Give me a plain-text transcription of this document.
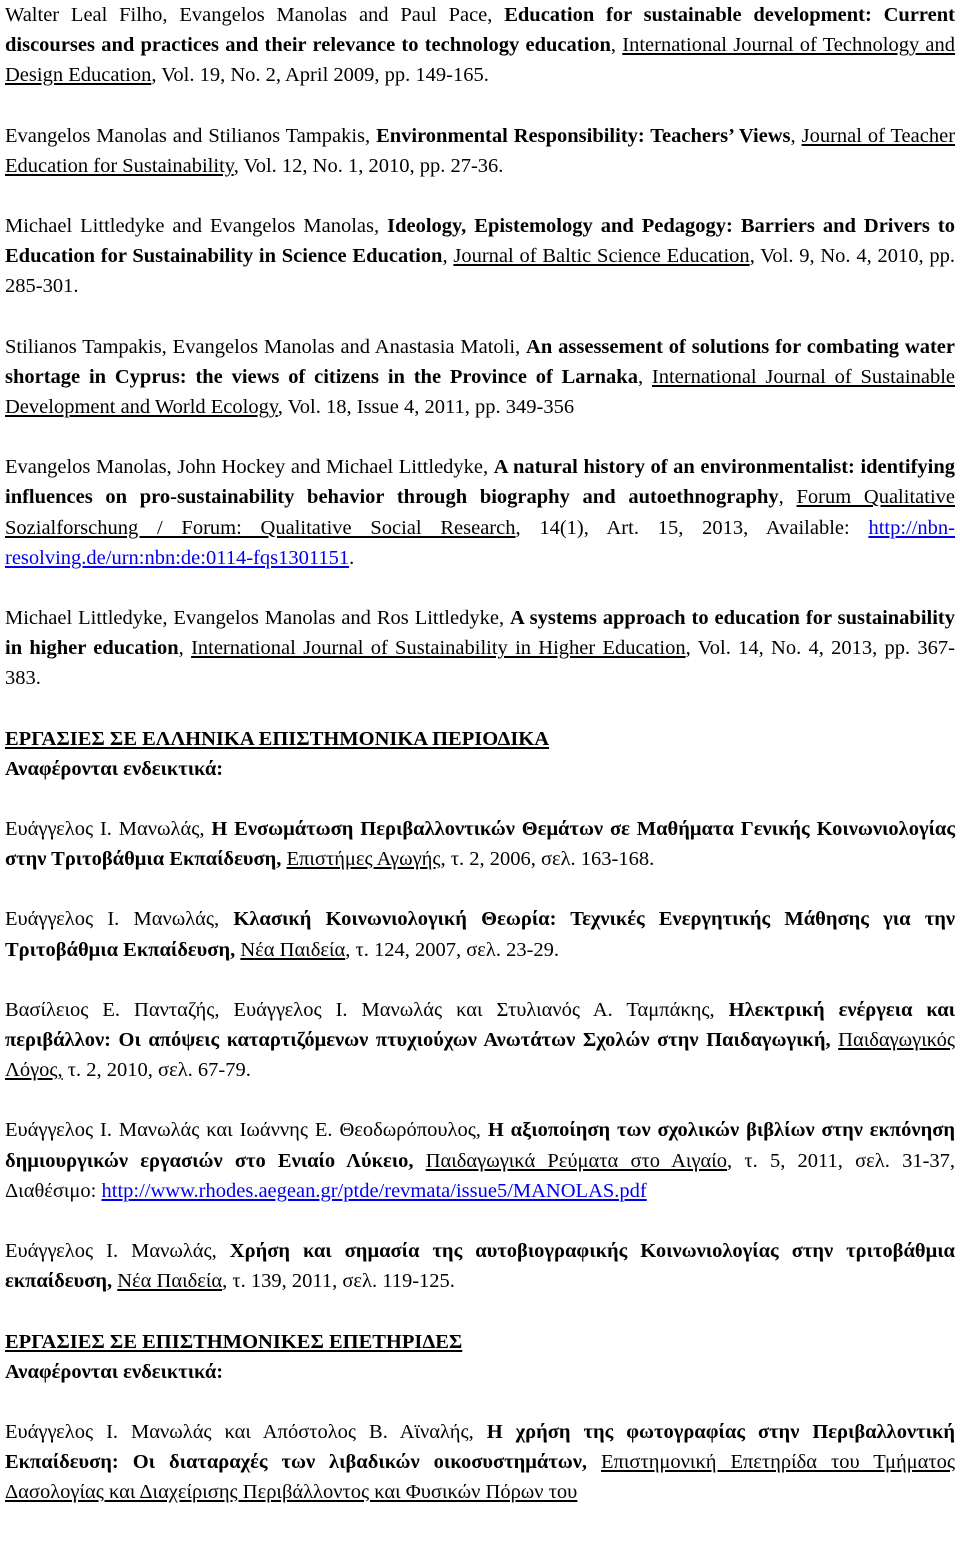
Walter Leal Filho, Evangelos Manolas and Paul Pace, Education for sustainable development: Current discourses and practices and their relevance to technology education, International Journal of Technology and Design Education, Vol. 19, No. 2, April 2009, pp. 149-165.
Evangelos Manolas and Stilianos Tampakis, Environmental Responsibility: Teachers’ Views, Journal of Teacher Education for Sustainability, Vol. 12, No. 1, 2010, pp. 27-36.
Michael Littledyke and Evangelos Manolas, Ideology, Epistemology and Pedagogy: Barriers and Drivers to Education for Sustainability in Science Education, Journal of Baltic Science Education, Vol. 9, No. 4, 2010, pp. 285-301.
Stilianos Tampakis, Evangelos Manolas and Anastasia Matoli, An assessement of solutions for combating water shortage in Cyprus: the views of citizens in the Province of Larnaka, International Journal of Sustainable Development and World Ecology, Vol. 18, Issue 4, 2011, pp. 349-356
Evangelos Manolas, John Hockey and Michael Littledyke, A natural history of an environmentalist: identifying influences on pro-sustainability behavior through biography and autoethnography, Forum Qualitative Sozialforschung / Forum: Qualitative Social Research, 14(1), Art. 15, 2013, Available: http://nbn-resolving.de/urn:nbn:de:0114-fqs1301151.
Michael Littledyke, Evangelos Manolas and Ros Littledyke, A systems approach to education for sustainability in higher education, International Journal of Sustainability in Higher Education, Vol. 14, No. 4, 2013, pp. 367-383.
ΕΡΓΑΣΙΕΣ ΣΕ ΕΛΛΗΝΙΚΑ ΕΠΙΣΤΗΜΟΝΙΚΑ ΠΕΡΙΟΔΙΚΑ
Αναφέρονται ενδεικτικά:
Ευάγγελος Ι. Μανωλάς, Η Ενσωμάτωση Περιβαλλοντικών Θεμάτων σε Μαθήματα Γενικής Κοινωνιολογίας στην Τριτοβάθμια Εκπαίδευση, Επιστήμες Αγωγής, τ. 2, 2006, σελ. 163-168.
Ευάγγελος Ι. Μανωλάς, Κλασική Κοινωνιολογική Θεωρία: Τεχνικές Ενεργητικής Μάθησης για την Τριτοβάθμια Εκπαίδευση, Νέα Παιδεία, τ. 124, 2007, σελ. 23-29.
Βασίλειος Ε. Πανταζής, Ευάγγελος Ι. Μανωλάς και Στυλιανός Α. Ταμπάκης, Ηλεκτρική ενέργεια και περιβάλλον: Οι απόψεις καταρτιζόμενων πτυχιούχων Ανωτάτων Σχολών στην Παιδαγωγική, Παιδαγωγικός Λόγος, τ. 2, 2010, σελ. 67-79.
Ευάγγελος Ι. Μανωλάς και Ιωάννης Ε. Θεοδωρόπουλος, Η αξιοποίηση των σχολικών βιβλίων στην εκπόνηση δημιουργικών εργασιών στο Ενιαίο Λύκειο, Παιδαγωγικά Ρεύματα στο Αιγαίο, τ. 5, 2011, σελ. 31-37, Διαθέσιμο: http://www.rhodes.aegean.gr/ptde/revmata/issue5/MANOLAS.pdf
Ευάγγελος Ι. Μανωλάς, Χρήση και σημασία της αυτοβιογραφικής Κοινωνιολογίας στην τριτοβάθμια εκπαίδευση, Νέα Παιδεία, τ. 139, 2011, σελ. 119-125.
ΕΡΓΑΣΙΕΣ ΣΕ ΕΠΙΣΤΗΜΟΝΙΚΕΣ ΕΠΕΤΗΡΙΔΕΣ
Αναφέρονται ενδεικτικά:
Ευάγγελος Ι. Μανωλάς και Απόστολος Β. Αϊναλής, Η χρήση της φωτογραφίας στην Περιβαλλοντική Εκπαίδευση: Οι διαταραχές των λιβαδικών οικοσυστημάτων, Επιστημονική Επετηρίδα του Τμήματος Δασολογίας και Διαχείρισης Περιβάλλοντος και Φυσικών Πόρων του
